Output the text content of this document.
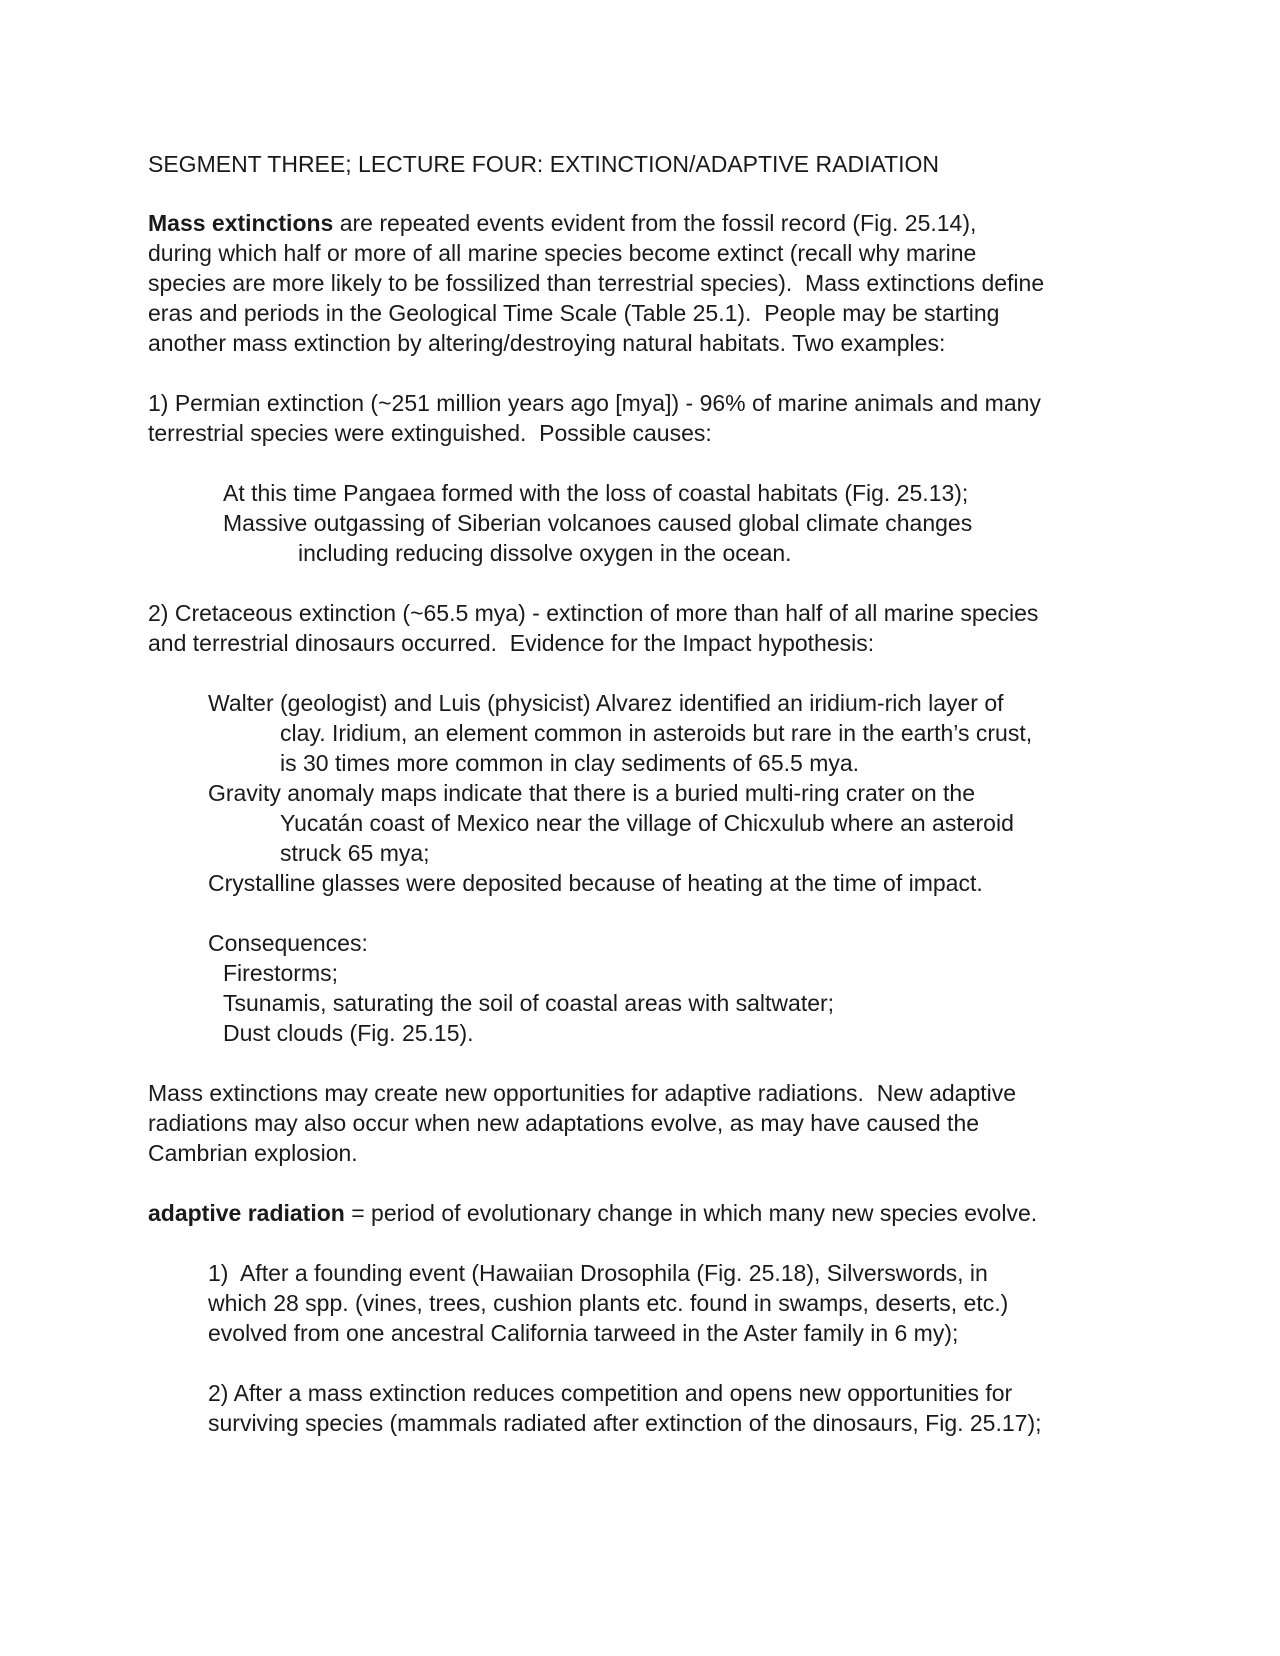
SEGMENT THREE; LECTURE FOUR: EXTINCTION/ADAPTIVE RADIATION

Mass extinctions are repeated events evident from the fossil record (Fig. 25.14),

during which half or more of all marine species become extinct (recall why marine

species are more likely to be fossilized than terrestrial species).  Mass extinctions define

eras and periods in the Geological Time Scale (Table 25.1).  People may be starting

another mass extinction by altering/destroying natural habitats. Two examples:

1) Permian extinction (~251 million years ago [mya]) - 96% of marine animals and many

terrestrial species were extinguished.  Possible causes:

At this time Pangaea formed with the loss of coastal habitats (Fig. 25.13);

Massive outgassing of Siberian volcanoes caused global climate changes

including reducing dissolve oxygen in the ocean.

2) Cretaceous extinction (~65.5 mya) - extinction of more than half of all marine species

and terrestrial dinosaurs occurred.  Evidence for the Impact hypothesis:

Walter (geologist) and Luis (physicist) Alvarez identified an iridium-rich layer of

clay. Iridium, an element common in asteroids but rare in the earth’s crust,

is 30 times more common in clay sediments of 65.5 mya.

Gravity anomaly maps indicate that there is a buried multi-ring crater on the

Yucatán coast of Mexico near the village of Chicxulub where an asteroid

struck 65 mya;

Crystalline glasses were deposited because of heating at the time of impact.

Consequences:

Firestorms;

Tsunamis, saturating the soil of coastal areas with saltwater;

Dust clouds (Fig. 25.15).

Mass extinctions may create new opportunities for adaptive radiations.  New adaptive

radiations may also occur when new adaptations evolve, as may have caused the

Cambrian explosion.

adaptive radiation = period of evolutionary change in which many new species evolve.

1)  After a founding event (Hawaiian Drosophila (Fig. 25.18), Silverswords, in

which 28 spp. (vines, trees, cushion plants etc. found in swamps, deserts, etc.)

evolved from one ancestral California tarweed in the Aster family in 6 my);

2) After a mass extinction reduces competition and opens new opportunities for

surviving species (mammals radiated after extinction of the dinosaurs, Fig. 25.17);
